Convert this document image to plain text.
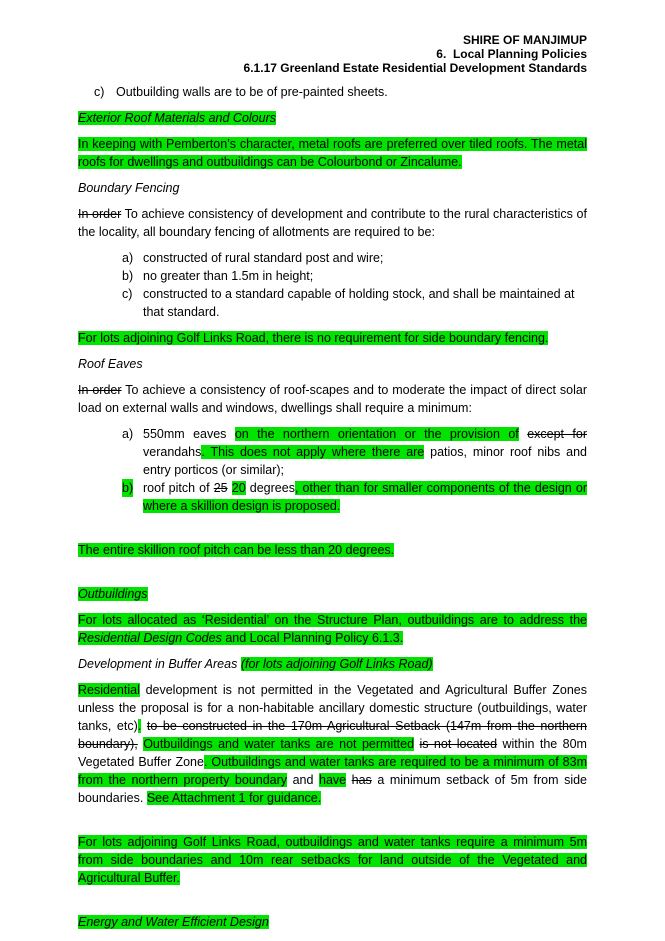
SHIRE OF MANJIMUP
6.  Local Planning Policies
6.1.17 Greenland Estate Residential Development Standards
c) Outbuilding walls are to be of pre-painted sheets.
Exterior Roof Materials and Colours
In keeping with Pemberton’s character, metal roofs are preferred over tiled roofs. The metal roofs for dwellings and outbuildings can be Colourbond or Zincalume.
Boundary Fencing
In order To achieve consistency of development and contribute to the rural characteristics of the locality, all boundary fencing of allotments are required to be:
a) constructed of rural standard post and wire;
b) no greater than 1.5m in height;
c) constructed to a standard capable of holding stock, and shall be maintained at that standard.
For lots adjoining Golf Links Road, there is no requirement for side boundary fencing.
Roof Eaves
In order To achieve a consistency of roof-scapes and to moderate the impact of direct solar load on external walls and windows, dwellings shall require a minimum:
a) 550mm eaves on the northern orientation or the provision of except for verandahs. This does not apply where there are patios, minor roof nibs and entry porticos (or similar);
b) roof pitch of 25 20 degrees, other than for smaller components of the design or where a skillion design is proposed.
The entire skillion roof pitch can be less than 20 degrees.
Outbuildings
For lots allocated as ‘Residential’ on the Structure Plan, outbuildings are to address the Residential Design Codes and Local Planning Policy 6.1.3.
Development in Buffer Areas (for lots adjoining Golf Links Road)
Residential development is not permitted in the Vegetated and Agricultural Buffer Zones unless the proposal is for a non-habitable ancillary domestic structure (outbuildings, water tanks, etc). to be constructed in the 170m Agricultural Setback (147m from the northern boundary), Outbuildings and water tanks are not permitted is not located within the 80m Vegetated Buffer Zone. Outbuildings and water tanks are required to be a minimum of 83m from the northern property boundary and have has a minimum setback of 5m from side boundaries. See Attachment 1 for guidance.
For lots adjoining Golf Links Road, outbuildings and water tanks require a minimum 5m from side boundaries and 10m rear setbacks for land outside of the Vegetated and Agricultural Buffer.
Energy and Water Efficient Design
